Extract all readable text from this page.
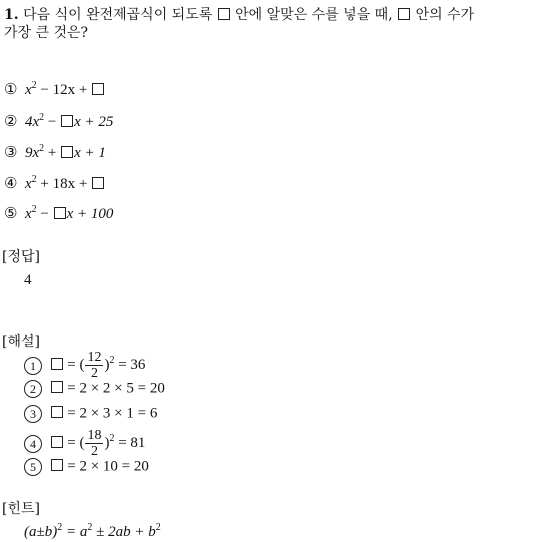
1. 다음 식이 완전제곱식이 되도록 안에 알맞은 수를 넣을 때, 안의 수가
가장 큰 것은?
① $x^2 - 12x$ +
② $4x^2 - x + 25$
③ $9x^2 + x + 1$
④ $x^2 + 18x$ +
⑤ $x^2 - x + 100$
[정답]
4
[해설]
1 = ( $\frac{12}{2} )^2 = 36$
2 = 2 × 2 × 5 = 20
3 = 2 × 3 × 1 = 6
4 = ( $\frac{18}{2} )^2 = 81$
5 = 2 × 10 = 20
[힌트]
$(a\pm b)^2 = a^2 \pm 2ab + b^2$
